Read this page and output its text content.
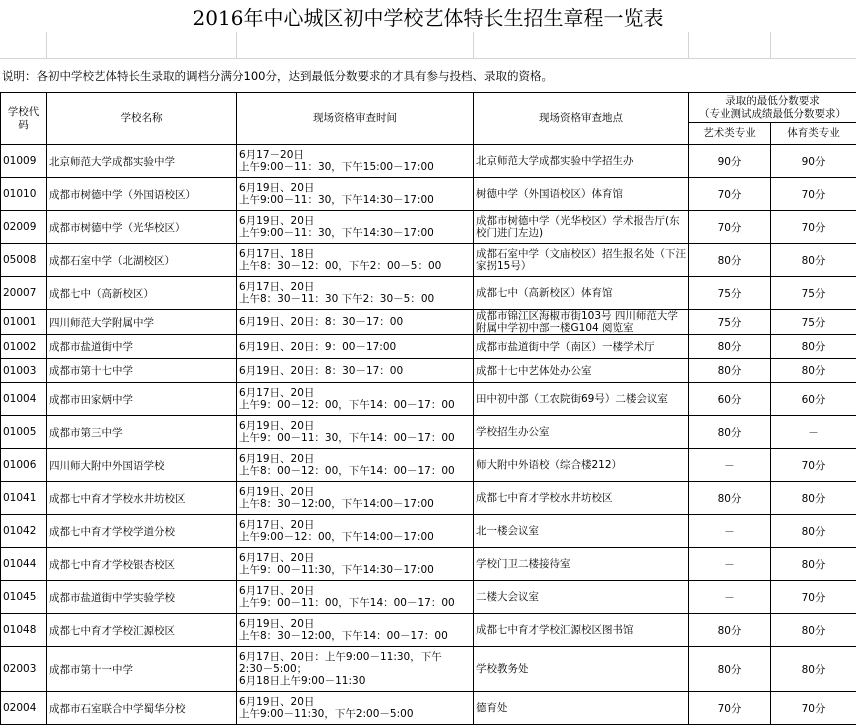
2016年中心城区初中学校艺体特长生招生章程一览表
说明：各初中学校艺体特长生录取的调档分满分100分，达到最低分数要求的才具有参与投档、录取的资格。
学校代码	学校名称	现场资格审查时间	现场资格审查地点	录取的最低分数要求
（专业测试成绩最低分数要求）	

				艺术类专业	体育类专业
01009	北京师范大学成都实验中学	6月17－20日
上午9:00－11：30，下午15:00－17:00	北京师范大学成都实验中学招生办	90分	90分
01010	成都市树德中学（外国语校区）	6月19日、20日
上午9:00－11：30，下午14:30－17:00	树德中学（外国语校区）体育馆	70分	70分
02009	成都市树德中学（光华校区）	6月19日、20日
上午9:00－11：30，下午14:30－17:00	成都市树德中学（光华校区）学术报告厅(东校门进门左边)	70分	70分
05008	成都石室中学（北湖校区）	6月17日、18日
上午8：30－12：00，下午2：00－5：00	成都石室中学（文庙校区）招生报名处（下汪家拐15号）	80分	80分
20007	成都七中（高新校区）	6月17日、20日
上午8：30－11：30 下午2：30－5：00	成都七中（高新校区）体育馆	75分	75分
01001	四川师范大学附属中学	6月19日、20日：8：30－17：00	成都市锦江区海椒市街103号 四川师范大学附属中学初中部一楼G104 阅览室	75分	75分
01002	成都市盐道街中学	6月19日、20日：9：00－17:00	成都市盐道街中学（南区）一楼学术厅	80分	80分
01003	成都市第十七中学	6月19日、20日：8：30－17：00	成都十七中艺体处办公室	80分	80分
01004	成都市田家炳中学	6月17日、20日
上午9：00－12：00，下午14：00－17：00	田中初中部（工农院街69号）二楼会议室	60分	60分
01005	成都市第三中学	6月19日、20日
上午9：00－11：30，下午14：00－17：00	学校招生办公室	80分	－
01006	四川师大附中外国语学校	6月19日、20日
上午8：00－12：00，下午14：00－17：00	师大附中外语校（综合楼212）	－	70分
01041	成都七中育才学校水井坊校区	6月19日、20日
上午8：30－12:00，下午14:00－17:00	成都七中育才学校水井坊校区	80分	80分
01042	成都七中育才学校学道分校	6月17日、20日
上午9:00－12：00，下午14:00－17:00	北一楼会议室	－	80分
01044	成都七中育才学校银杏校区	6月17日、20日
上午9：00－11:30，下午14:30－17:00	学校门卫二楼接待室	－	80分
01045	成都市盐道街中学实验学校	6月17日、20日
上午9：00－11：00，下午14：00－17：00	二楼大会议室	－	70分
01048	成都七中育才学校汇源校区	6月19日、20日
上午8：30－12:00，下午14：00－17：00	成都七中育才学校汇源校区图书馆	80分	80分
02003	成都市第十一中学	6月17日、20日：上午9:00－11:30，下午
2:30－5:00；
6月18日上午9:00－11:30	学校教务处	80分	80分
02004	成都市石室联合中学蜀华分校	6月19日、20日
上午9:00－11:30，下午2:00－5:00	德育处	70分	70分
